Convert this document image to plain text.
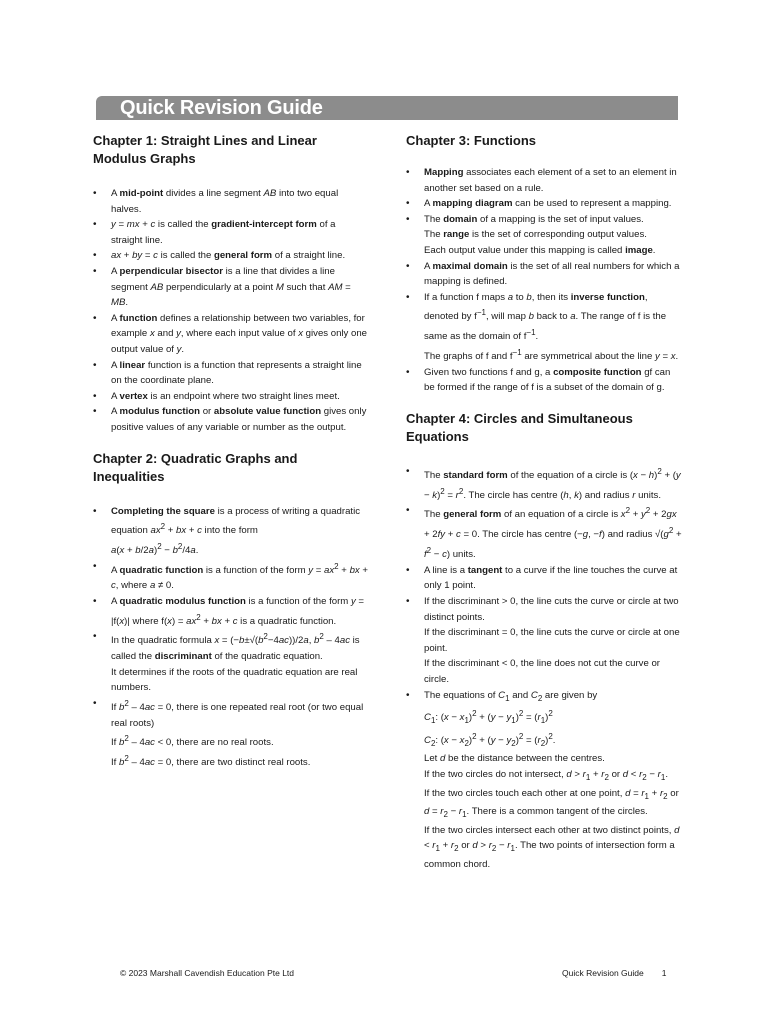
Quick Revision Guide
Chapter 1: Straight Lines and Linear Modulus Graphs
• A mid-point divides a line segment AB into two equal halves.
• y = mx + c is called the gradient-intercept form of a straight line.
• ax + by = c is called the general form of a straight line.
• A perpendicular bisector is a line that divides a line segment AB perpendicularly at a point M such that AM = MB.
• A function defines a relationship between two variables, for example x and y, where each input value of x gives only one output value of y.
• A linear function is a function that represents a straight line on the coordinate plane.
• A vertex is an endpoint where two straight lines meet.
• A modulus function or absolute value function gives only positive values of any variable or number as the output.
Chapter 2: Quadratic Graphs and Inequalities
• Completing the square is a process of writing a quadratic equation $ax^2$ + bx + c into the form
$a(x + b/2a)^2 - b^2/4a$.
• A quadratic function is a function of the form $y = ax^2$ + bx + c, where a ≠ 0.
• A quadratic modulus function is a function of the form y = |f(x)| where $f(x) = ax^2$ + bx + c is a quadratic function.
• In the quadratic formula $x = (-b\pm√(b^2-4ac))/2a$, $b^2 - 4ac$ is called the discriminant of the quadratic equation.
It determines if the roots of the quadratic equation are real numbers.
• If $b^2 - 4ac = 0$, there is one repeated real root (or two equal real roots)
If $b^2 - 4ac < 0$, there are no real roots.
If $b^2 - 4ac = 0$, there are two distinct real roots.
Chapter 3: Functions
• Mapping associates each element of a set to an element in another set based on a rule.
• A mapping diagram can be used to represent a mapping.
• The domain of a mapping is the set of input values.
The range is the set of corresponding output values.
Each output value under this mapping is called image.
• A maximal domain is the set of all real numbers for which a mapping is defined.
• If a function f maps a to b, then its inverse function, denoted by $f^{-1}$, will map b back to a. The range of f is the same as the domain of $f^{-1}$.
The graphs of f and $f^{-1}$ are symmetrical about the line y = x.
• Given two functions f and g, a composite function gf can be formed if the range of f is a subset of the domain of g.
Chapter 4: Circles and Simultaneous Equations
• The standard form of the equation of a circle is $(x - h)^2 + (y - k)^2 = r^2$. The circle has centre (h, k) and radius r units.
• The general form of an equation of a circle is $x^2 + y^2 + 2gx + 2fy + c = 0$. The circle has centre (−g, −f) and radius $√(g^2 + f^2 - c)$ units.
• A line is a tangent to a curve if the line touches the curve at only 1 point.
• If the discriminant > 0, the line cuts the curve or circle at two distinct points.
If the discriminant = 0, the line cuts the curve or circle at one point.
If the discriminant < 0, the line does not cut the curve or circle.
• The equations of $C_1$ and $C_2$ are given by
$C_1$: $(x - x_1)^2 + (y - y_1)^2 = (r_1)^2$
$C_2$: $(x - x_2)^2 + (y - y_2)^2 = (r_2)^2$.
Let d be the distance between the centres.
If the two circles do not intersect, $d > r_1 + r_2$ or $d < r_2 - r_1$.
If the two circles touch each other at one point, $d = r_1 + r_2$ or $d = r_2 - r_1$. There is a common tangent of the circles.
If the two circles intersect each other at two distinct points, $d < r_1 + r_2$ or $d > r_2 - r_1$. The two points of intersection form a common chord.
© 2023 Marshall Cavendish Education Pte Ltd	Quick Revision Guide 1
